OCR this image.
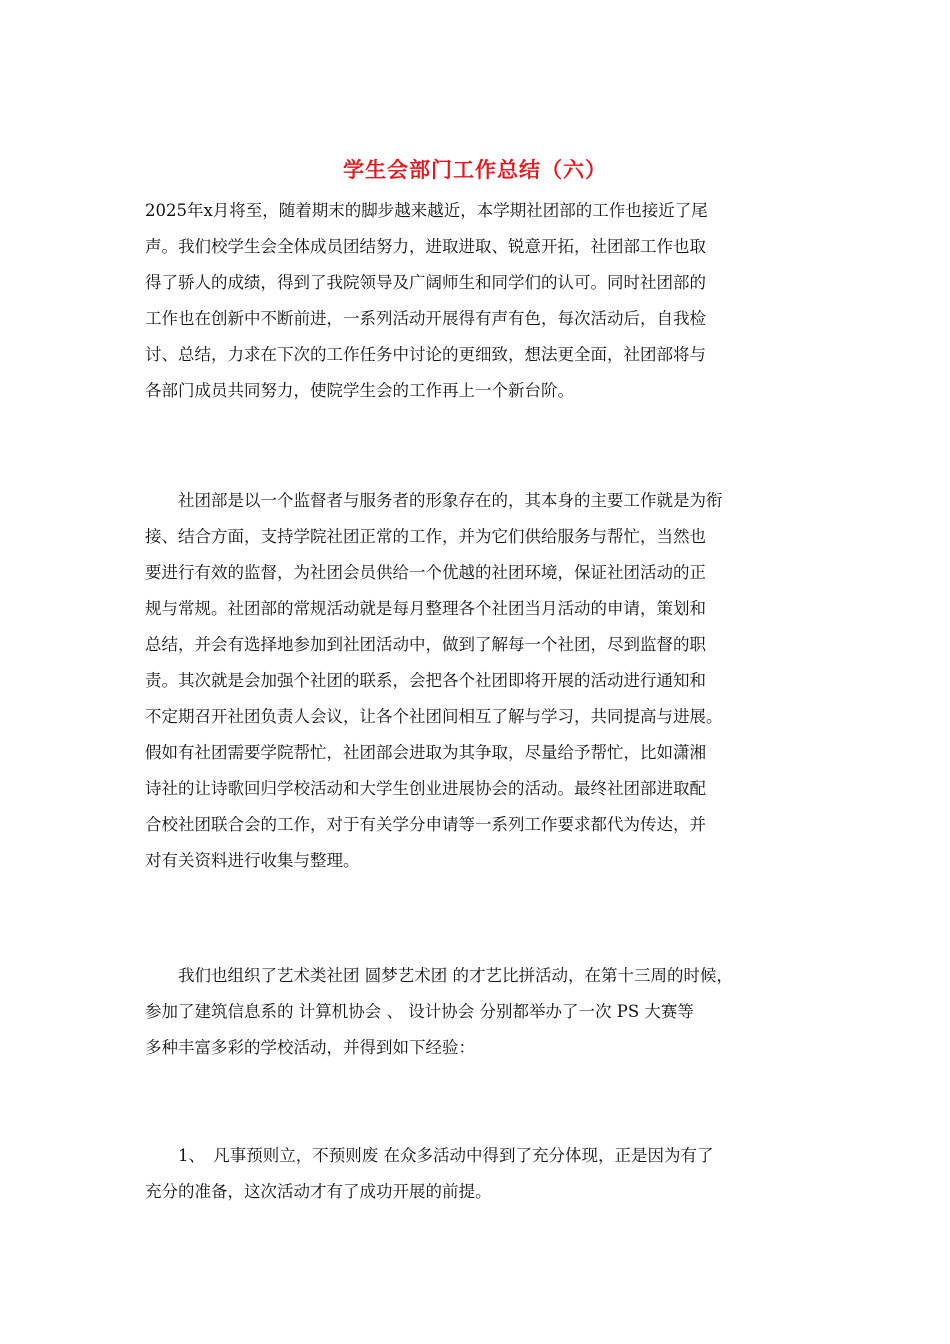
学生会部门工作总结（六）
2025年x月将至，随着期末的脚步越来越近，本学期社团部的工作也接近了尾
声。我们校学生会全体成员团结努力，进取进取、锐意开拓，社团部工作也取
得了骄人的成绩，得到了我院领导及广阔师生和同学们的认可。同时社团部的
工作也在创新中不断前进，一系列活动开展得有声有色，每次活动后，自我检
讨、总结，力求在下次的工作任务中讨论的更细致，想法更全面，社团部将与
各部门成员共同努力，使院学生会的工作再上一个新台阶。
　　社团部是以一个监督者与服务者的形象存在的，其本身的主要工作就是为衔
接、结合方面，支持学院社团正常的工作，并为它们供给服务与帮忙，当然也
要进行有效的监督，为社团会员供给一个优越的社团环境，保证社团活动的正
规与常规。社团部的常规活动就是每月整理各个社团当月活动的申请，策划和
总结，并会有选择地参加到社团活动中，做到了解每一个社团，尽到监督的职
责。其次就是会加强个社团的联系，会把各个社团即将开展的活动进行通知和
不定期召开社团负责人会议，让各个社团间相互了解与学习，共同提高与进展。
假如有社团需要学院帮忙，社团部会进取为其争取，尽量给予帮忙，比如潇湘
诗社的让诗歌回归学校活动和大学生创业进展协会的活动。最终社团部进取配
合校社团联合会的工作，对于有关学分申请等一系列工作要求都代为传达，并
对有关资料进行收集与整理。
　　我们也组织了艺术类社团 圆梦艺术团 的才艺比拼活动，在第十三周的时候，
参加了建筑信息系的 计算机协会 、 设计协会 分别都举办了一次 PS 大赛等
多种丰富多彩的学校活动，并得到如下经验：
　　1、　凡事预则立，不预则废 在众多活动中得到了充分体现，正是因为有了
充分的准备，这次活动才有了成功开展的前提。
